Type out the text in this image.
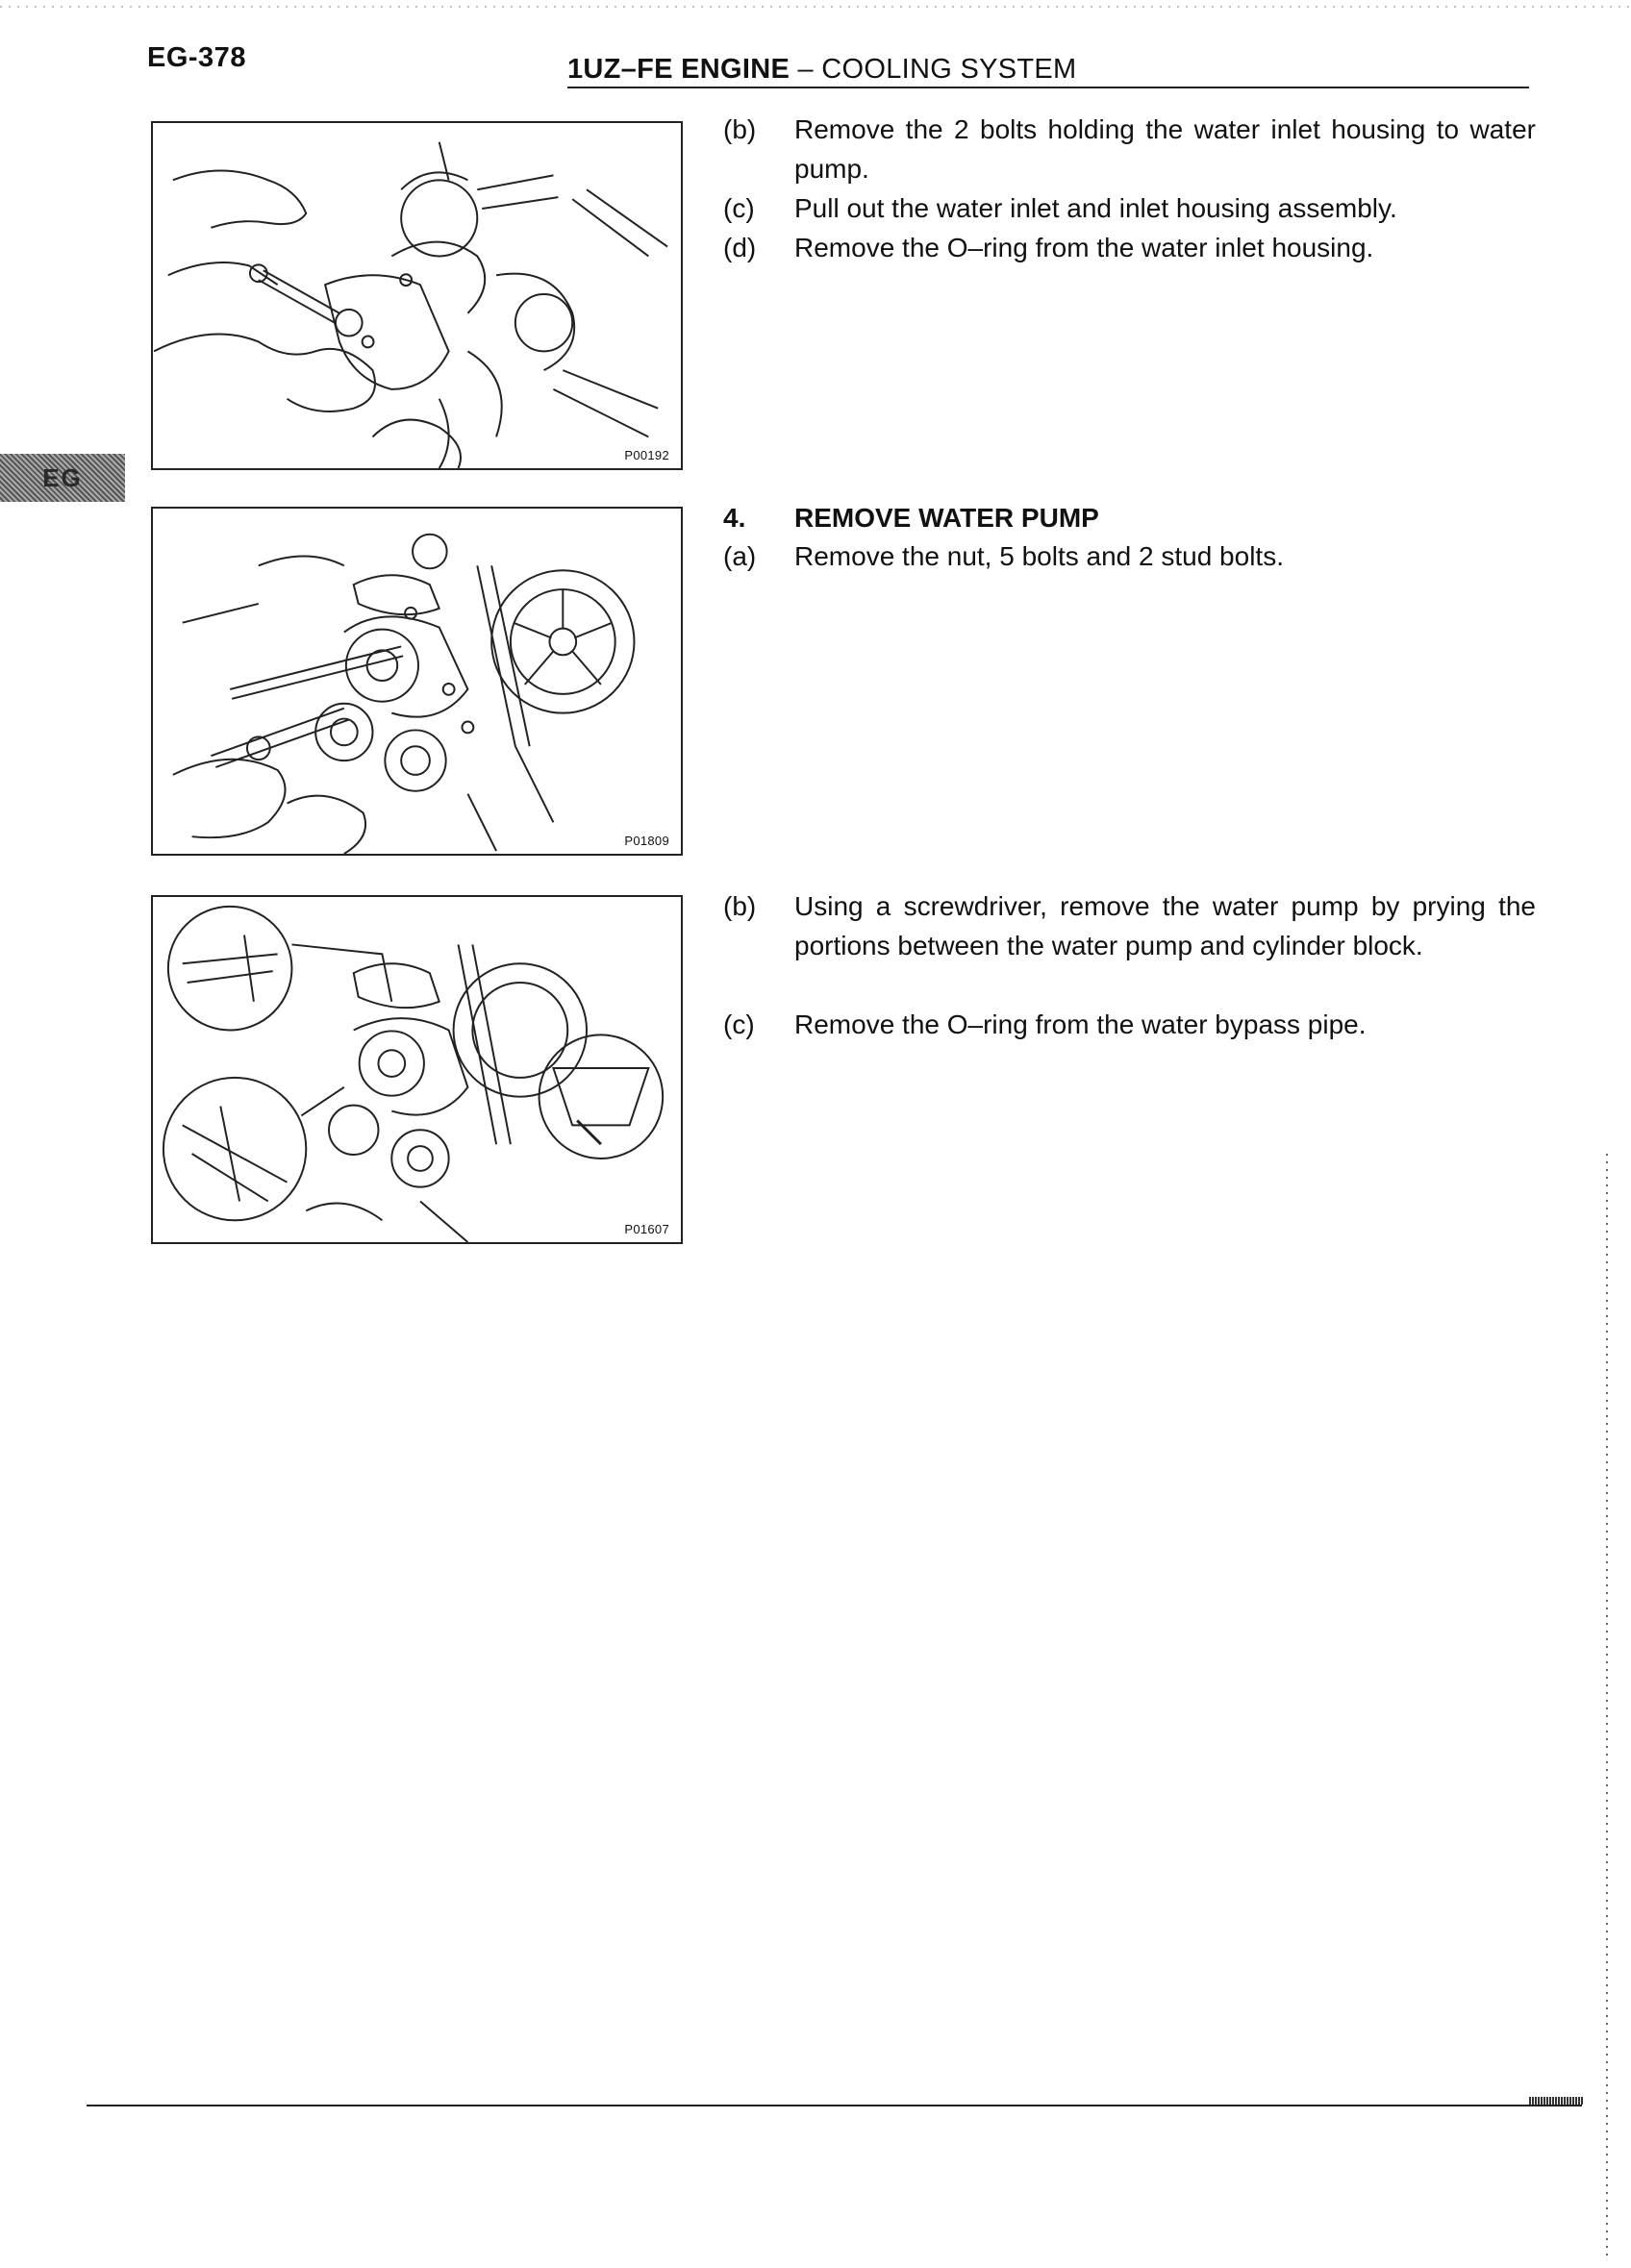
EG-378	1UZ–FE ENGINE – COOLING SYSTEM
EG
P00192
P01809
P01607
(b)	Remove the 2 bolts holding the water inlet housing to water pump.
(c)	Pull out the water inlet and inlet housing assembly.
(d)	Remove the O–ring from the water inlet housing.
4.	REMOVE WATER PUMP
(a)	Remove the nut, 5 bolts and 2 stud bolts.
(b)	Using a screwdriver, remove the water pump by prying the portions between the water pump and cylinder block.
(c)	Remove the O–ring from the water bypass pipe.
